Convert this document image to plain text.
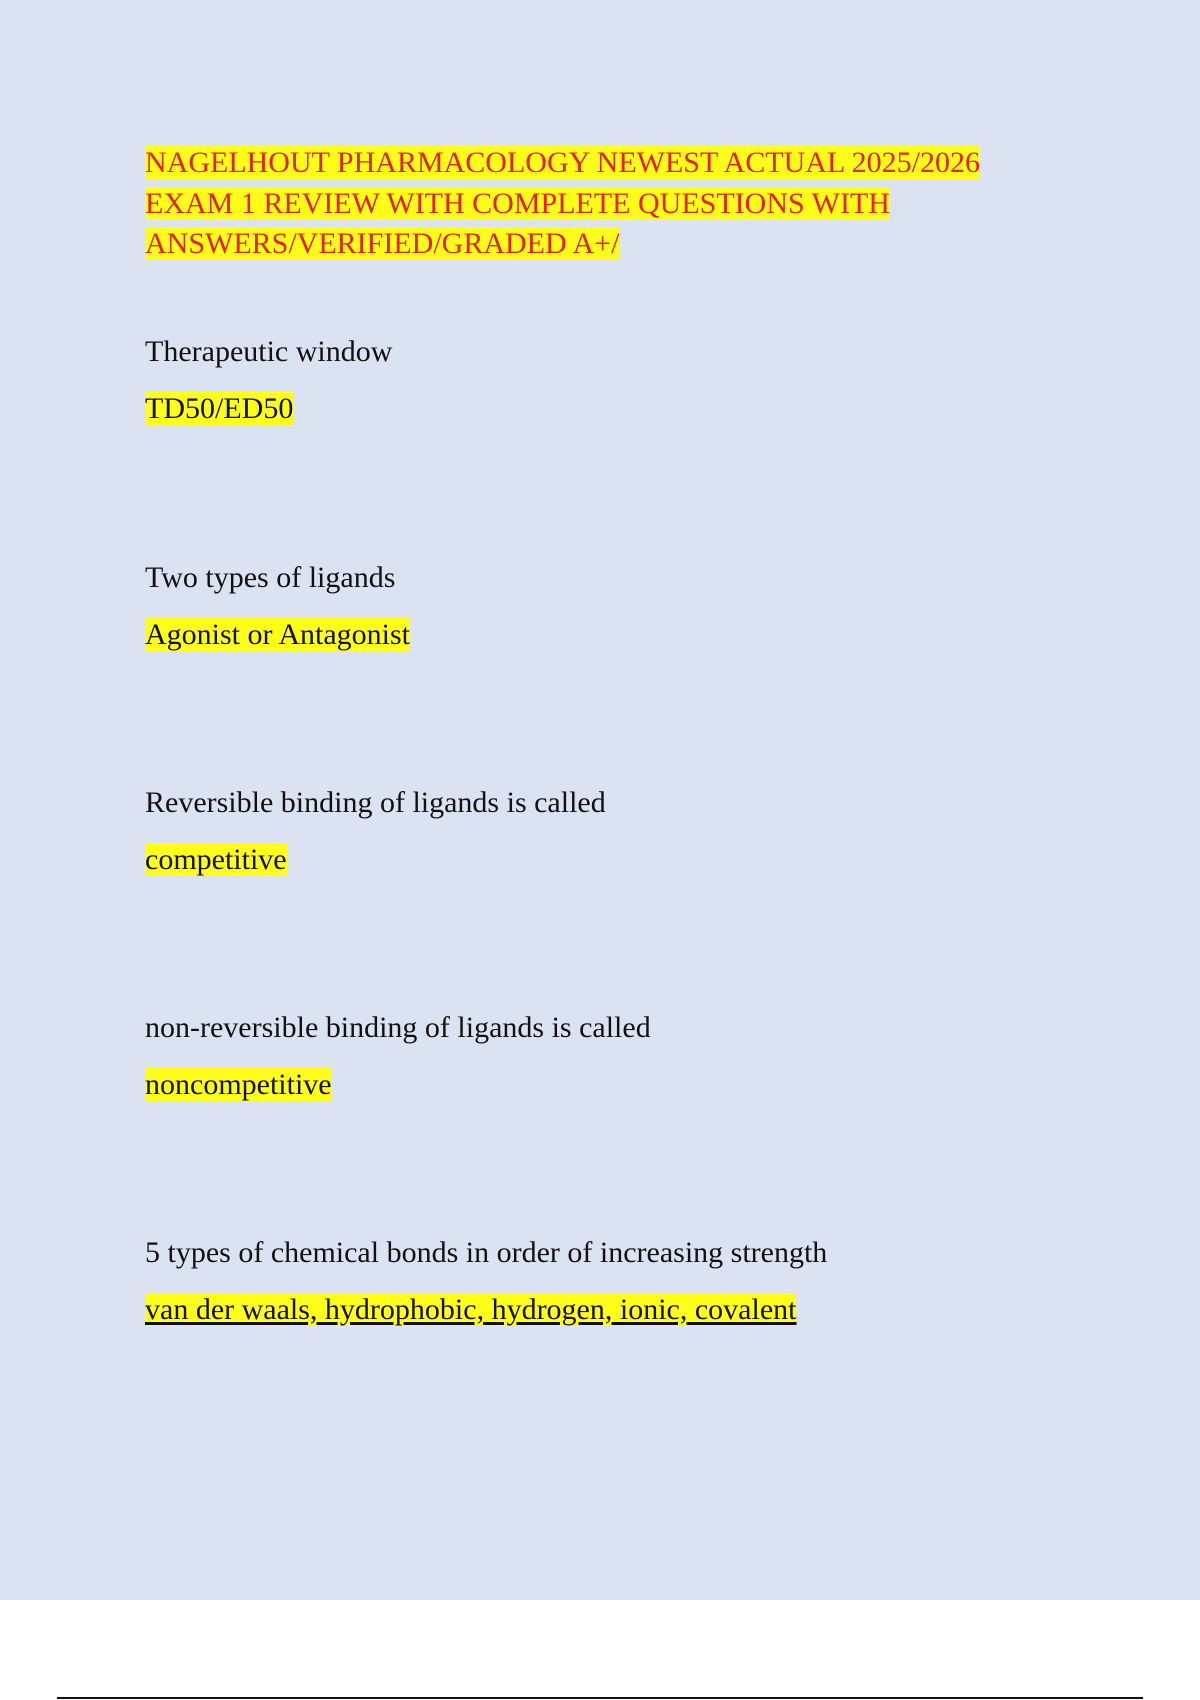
NAGELHOUT PHARMACOLOGY NEWEST ACTUAL 2025/2026 EXAM 1 REVIEW WITH COMPLETE QUESTIONS WITH ANSWERS/VERIFIED/GRADED A+/
Therapeutic window
TD50/ED50
Two types of ligands
Agonist or Antagonist
Reversible binding of ligands is called
competitive
non-reversible binding of ligands is called
noncompetitive
5 types of chemical bonds in order of increasing strength
van der waals, hydrophobic, hydrogen, ionic, covalent
